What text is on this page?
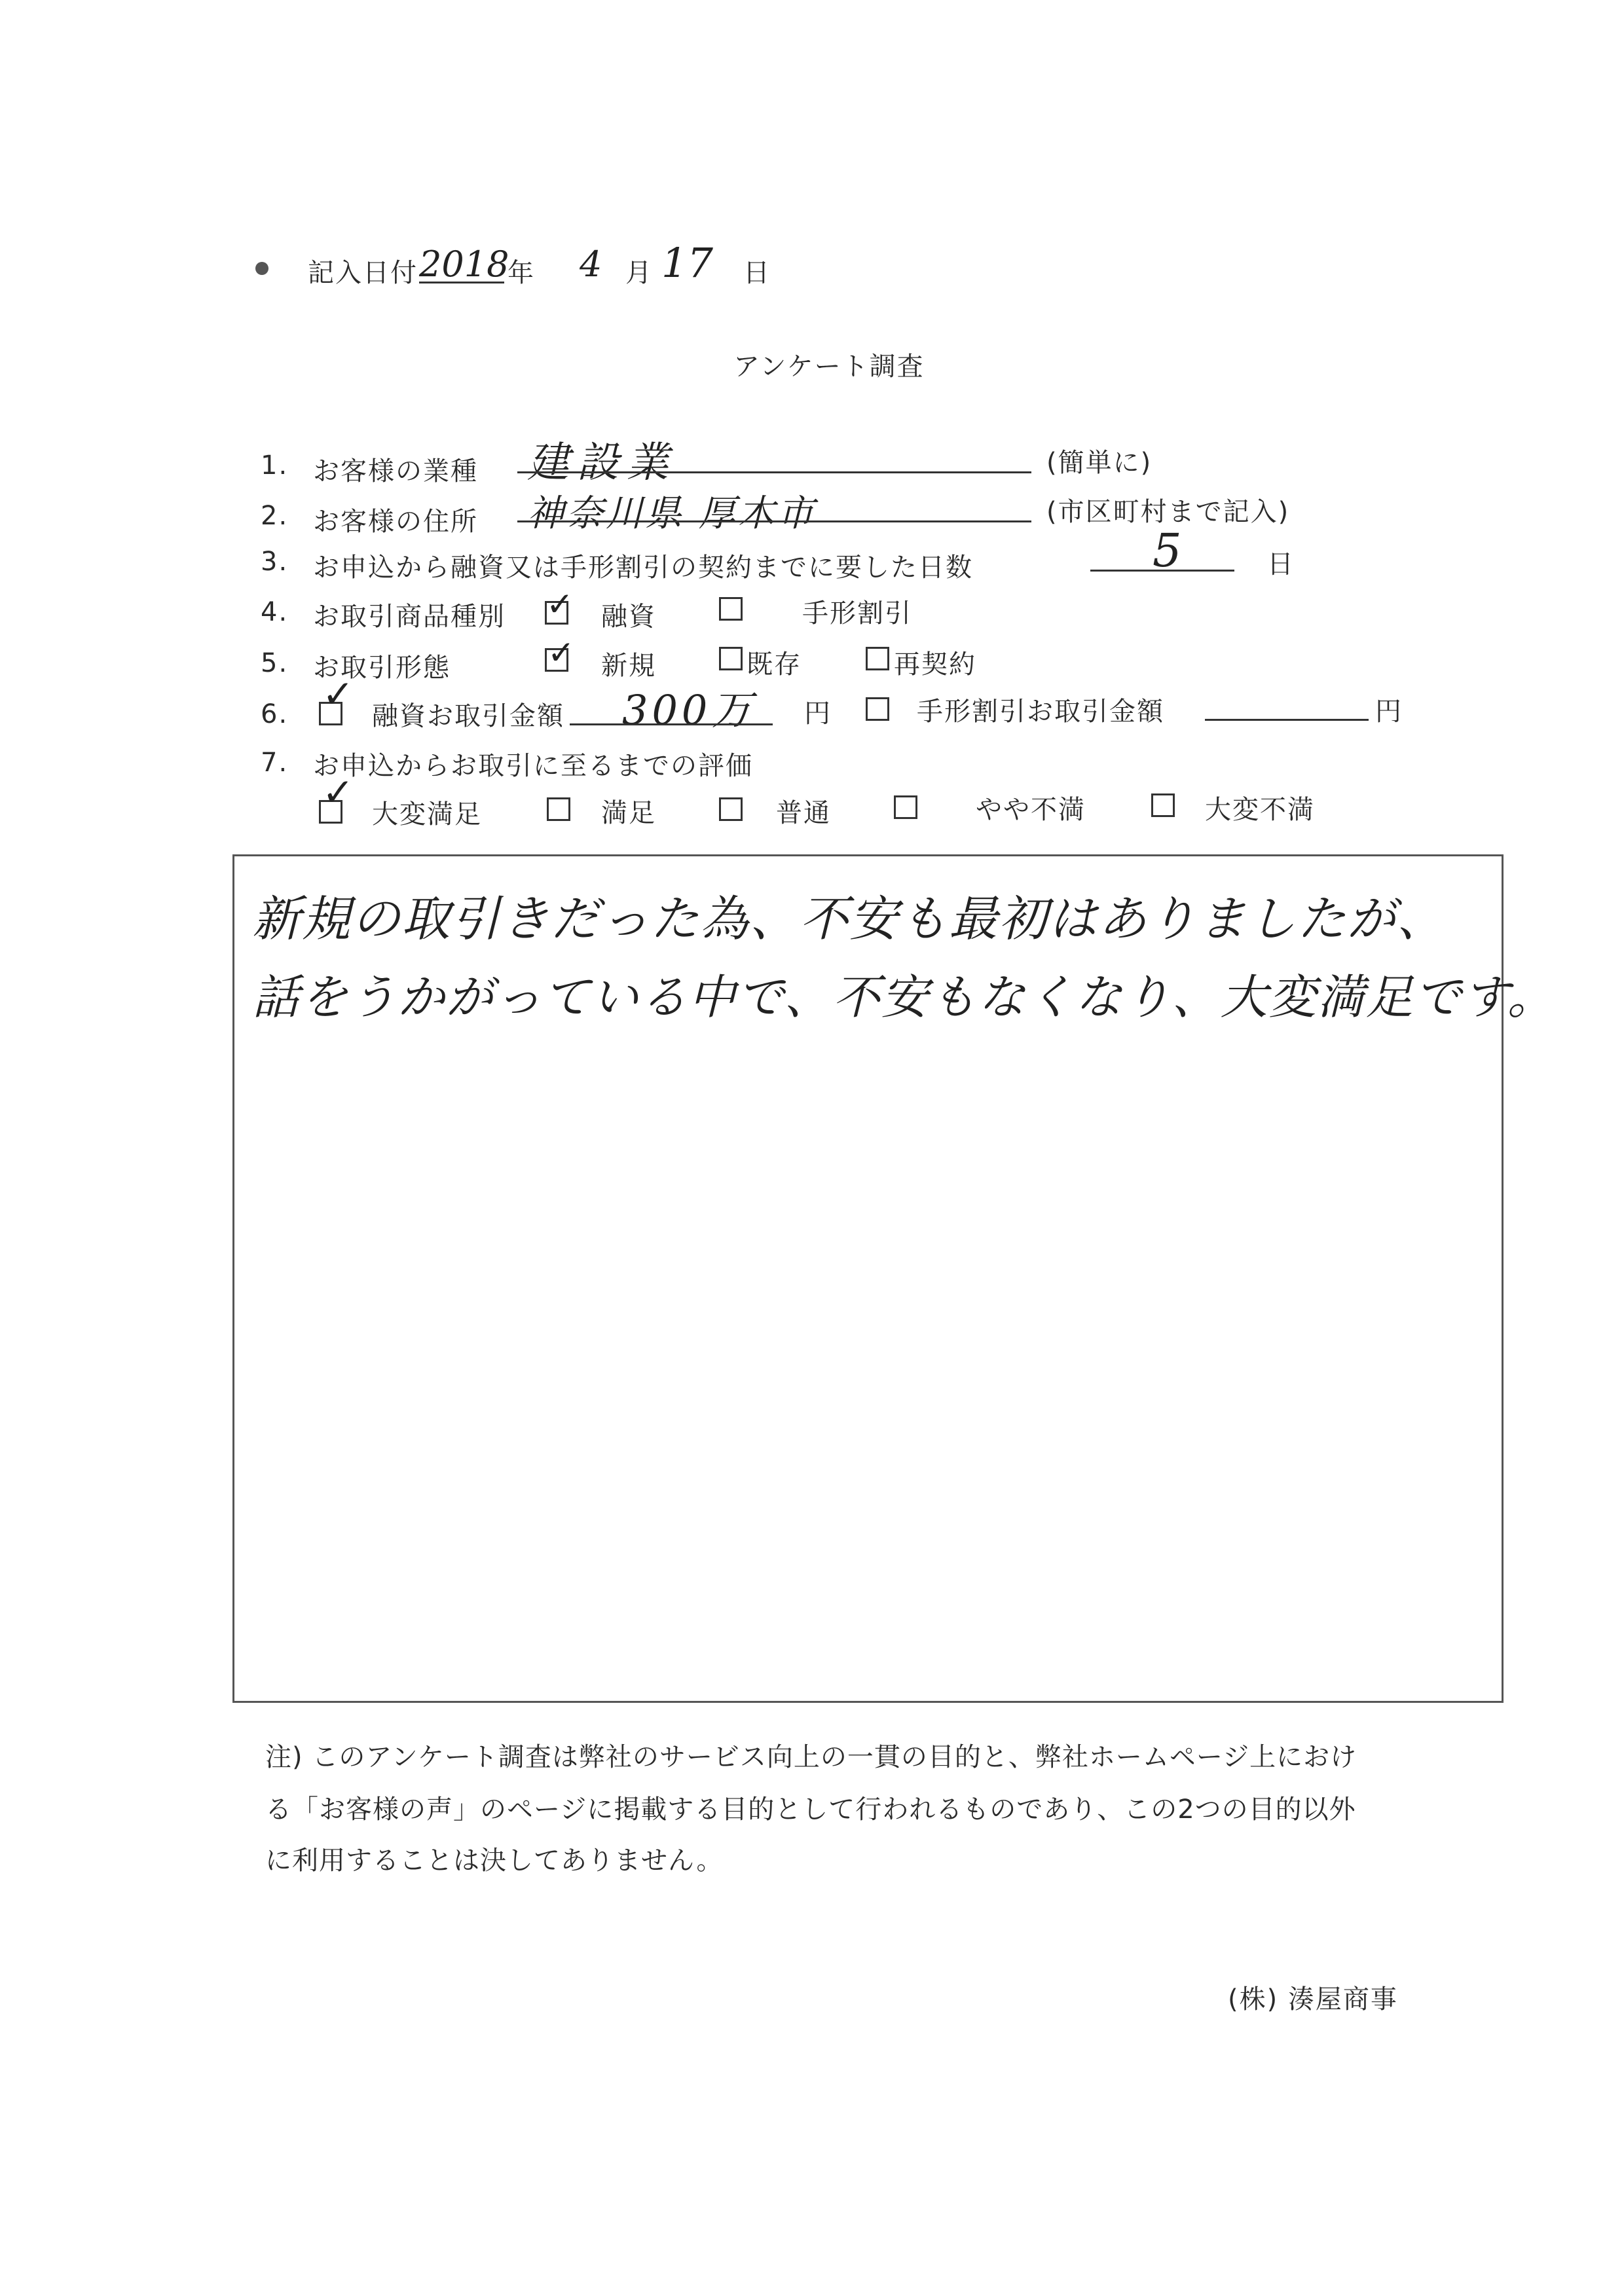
記入日付 2018
年 4 月 17 日
アンケート調査
1. お客様の業種 建設業	(簡単に)
2. お客様の住所 神奈川県 厚木市	(市区町村まで記入)
3. お申込から融資又は手形割引の契約までに要した日数	5	日
4. お取引商品種別 ✓ 融資	手形割引
5. お取引形態	✓ 新規	既存	再契約
6. ✓ 融資お取引金額 300万 円	手形割引お取引金額	円
7. お申込からお取引に至るまでの評価
✓ 大変満足	満足	普通	やや不満	大変不満
新規の取引きだった為、不安も最初はありましたが、
話をうかがっている中で、不安もなくなり、大変満足です。
注) このアンケート調査は弊社のサービス向上の一貫の目的と、弊社ホームページ上におけ
る「お客様の声」のページに掲載する目的として行われるものであり、この2つの目的以外
に利用することは決してありません。
(株) 湊屋商事
